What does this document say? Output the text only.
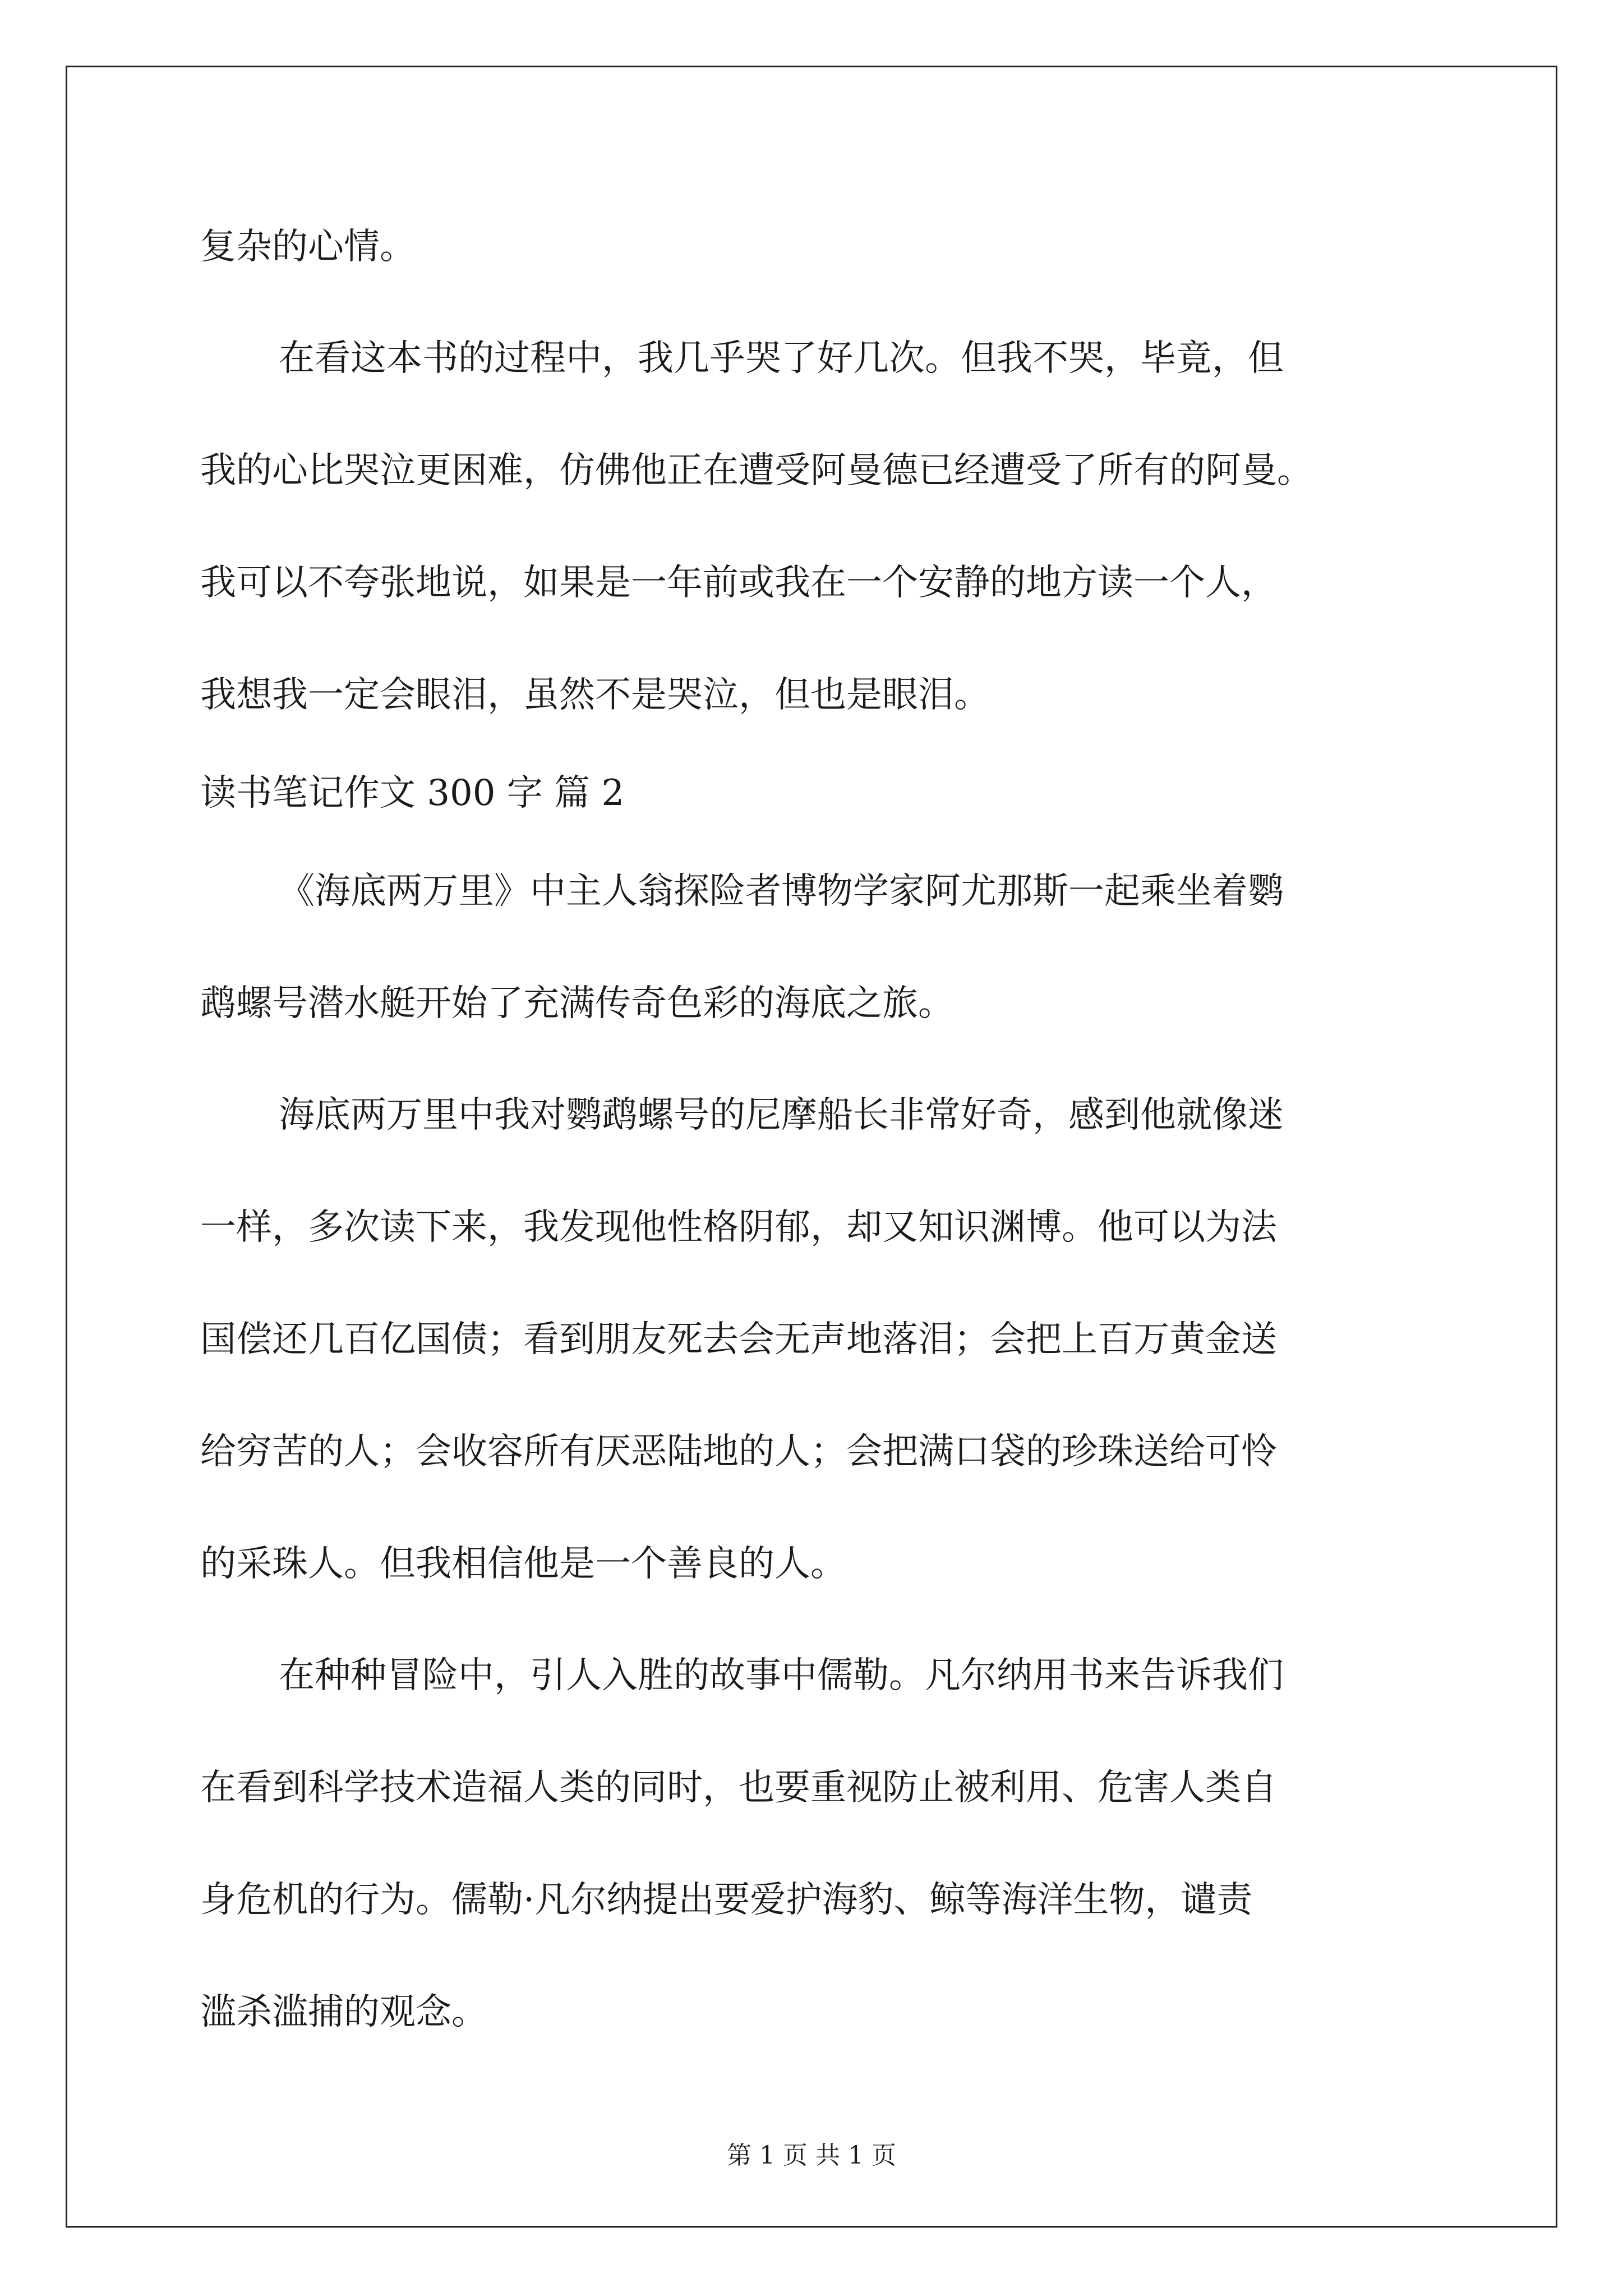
复杂的心情。
在看这本书的过程中，我几乎哭了好几次。但我不哭，毕竟，但
我的心比哭泣更困难，仿佛他正在遭受阿曼德已经遭受了所有的阿曼。
我可以不夸张地说，如果是一年前或我在一个安静的地方读一个人，
我想我一定会眼泪，虽然不是哭泣，但也是眼泪。
读书笔记作文 300 字 篇 2
《海底两万里》中主人翁探险者博物学家阿尤那斯一起乘坐着鹦
鹉螺号潜水艇开始了充满传奇色彩的海底之旅。
海底两万里中我对鹦鹉螺号的尼摩船长非常好奇，感到他就像迷
一样，多次读下来，我发现他性格阴郁，却又知识渊博。他可以为法
国偿还几百亿国债；看到朋友死去会无声地落泪；会把上百万黄金送
给穷苦的人；会收容所有厌恶陆地的人；会把满口袋的珍珠送给可怜
的采珠人。但我相信他是一个善良的人。
在种种冒险中，引人入胜的故事中儒勒。凡尔纳用书来告诉我们
在看到科学技术造福人类的同时，也要重视防止被利用、危害人类自
身危机的行为。儒勒·凡尔纳提出要爱护海豹、鲸等海洋生物，谴责
滥杀滥捕的观念。
第 1 页 共 1 页
